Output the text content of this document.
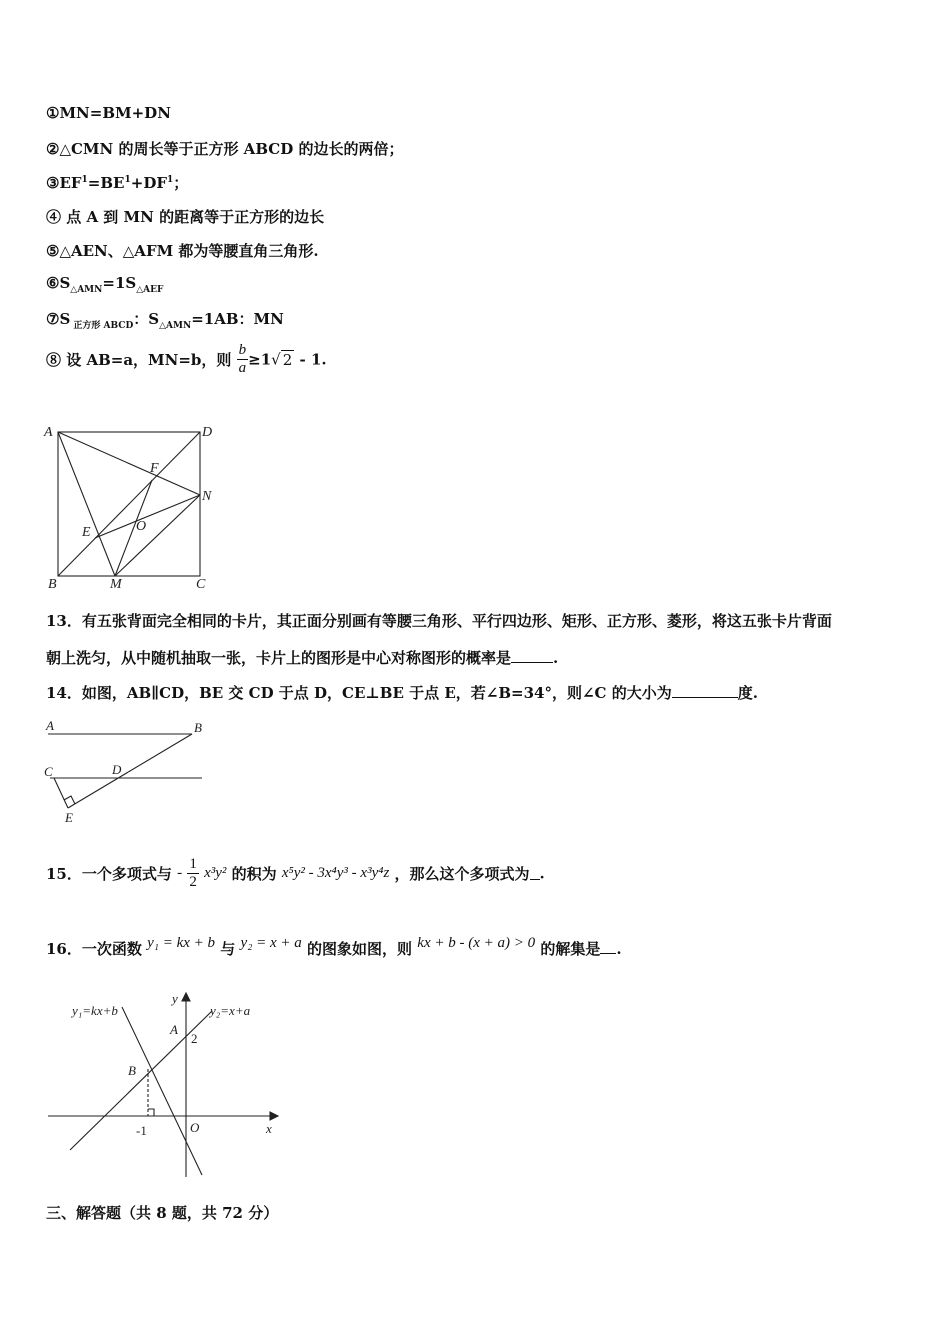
①MN=BM+DN
②△CMN 的周长等于正方形 ABCD 的边长的两倍；
$③EF^1=BE^1+DF^1$；
④ 点 A 到 MN 的距离等于正方形的边长
⑤△AEN、△AFM 都为等腰直角三角形.
$⑥S_{\triangle AMN}=1S_{\triangle AEF}$
⑦S $_{正方形 ABCD}$：$S_{\triangle AMN}=1AB$：MN
⑧ 设 AB=a，MN=b，则 $\frac{b}{a} \ge 1√$ 2 - 1.
A	D
F
N
E	O
B	M	C
13．有五张背面完全相同的卡片，其正面分别画有等腰三角形、平行四边形、矩形、正方形、菱形，将这五张卡片背面
朝上洗匀，从中随机抽取一张，卡片上的图形是中心对称图形的概率是	.
14．如图，AB∥CD，BE 交 CD 于点 D，CE⊥BE 于点 E，若∠B=34°，则∠C 的大小为	度.
A	B
C	D
E
15．一个多项式与 - $\frac{1}{2} x^3y^2$ 的积为 x⁵y² - 3x⁴y³ - x³y⁴z ，那么这个多项式为 .
16．一次函数 y₁ = kx + b 与 y₂ = x + a 的图象如图，则 kx + b - (x + a) > 0 的解集是 .
y₁=kx+b	y₂=x+a
y
x
A
B
O
2
-1
三、解答题（共 8 题，共 72 分）
